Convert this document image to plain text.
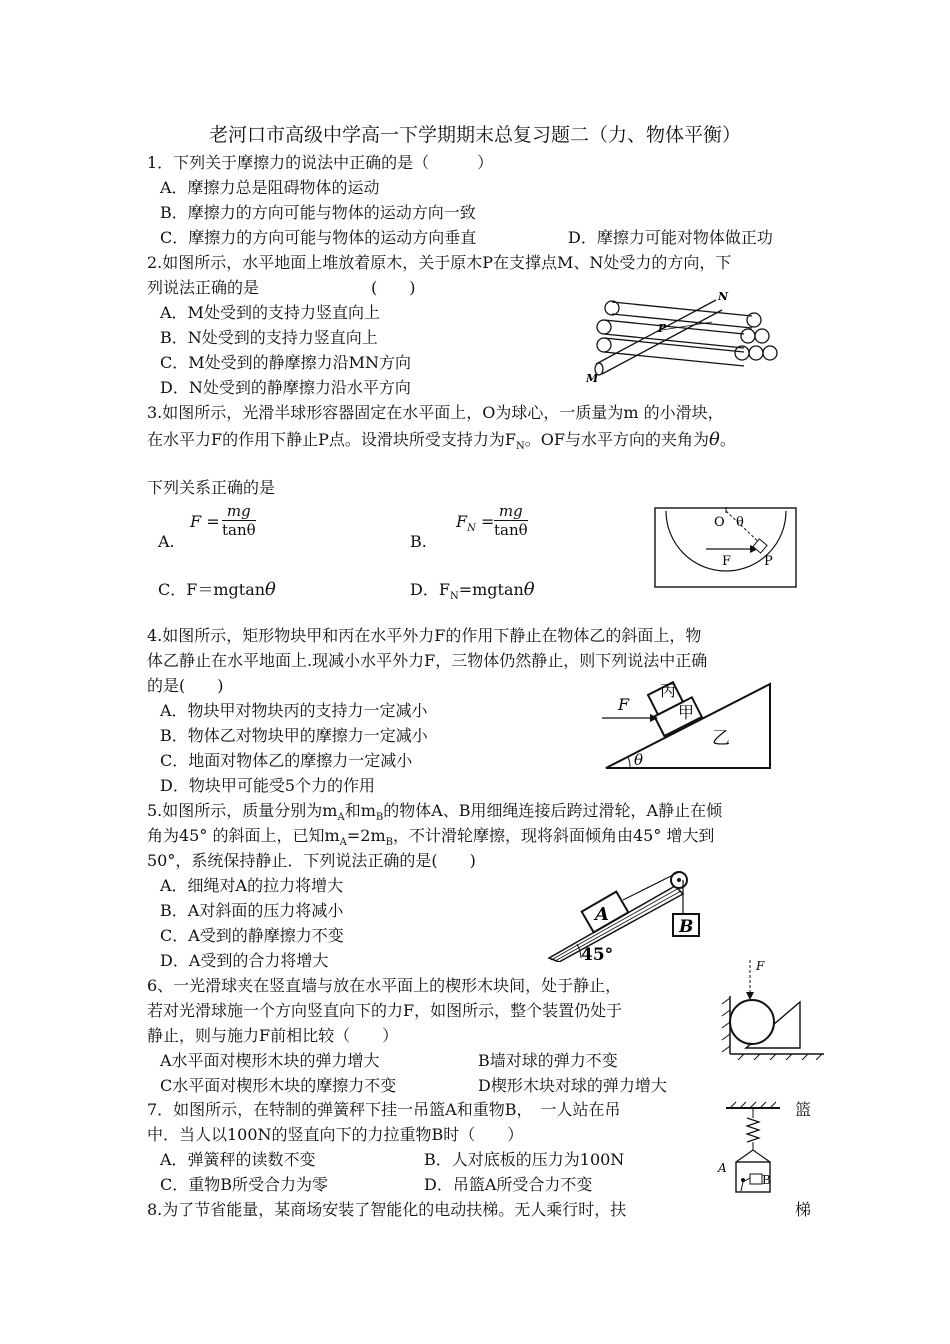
老河口市高级中学高一下学期期末总复习题二（力、物体平衡）
1．下列关于摩擦力的说法中正确的是（　　　）
A．摩擦力总是阻碍物体的运动
B．摩擦力的方向可能与物体的运动方向一致
C．摩擦力的方向可能与物体的运动方向垂直	D．摩擦力可能对物体做正功
2.如图所示，水平地面上堆放着原木，关于原木P在支撑点M、N处受力的方向，下
列说法正确的是　　　　　　　(　　)
A．M处受到的支持力竖直向上
B．N处受到的支持力竖直向上
C．M处受到的静摩擦力沿MN方向
D．N处受到的静摩擦力沿水平方向
N
P
M
3.如图所示，光滑半球形容器固定在水平面上，O为球心，一质量为m 的小滑块，
在水平力F的作用下静止P点。设滑块所受支持力为$F_N$。OF与水平方向的夹角为θ。
下列关系正确的是
A.
$F = \frac{mg}{\tan\theta}$
B.
$F_N = \frac{mg}{\tan\theta}$
C．F＝mgtanθ	D．$F_N=mgtan\theta$
O θ
F	P
4.如图所示，矩形物块甲和丙在水平外力F的作用下静止在物体乙的斜面上，物
体乙静止在水平地面上.现减小水平外力F，三物体仍然静止，则下列说法中正确
的是(　　)
A．物块甲对物块丙的支持力一定减小
B．物体乙对物块甲的摩擦力一定减小
C．地面对物体乙的摩擦力一定减小
D．物块甲可能受5个力的作用
F
丙
甲
乙
θ
5.如图所示，质量分别为$m_A$和$m_B$的物体A、B用细绳连接后跨过滑轮，A静止在倾
角为45° 的斜面上，已知$m_A=2m_B$，不计滑轮摩擦，现将斜面倾角由45° 增大到
50°，系统保持静止．下列说法正确的是(　　)
A．细绳对A的拉力将增大
B．A对斜面的压力将减小
C．A受到的静摩擦力不变
D．A受到的合力将增大
A
B
45°
6、一光滑球夹在竖直墙与放在水平面上的楔形木块间，处于静止，
若对光滑球施一个方向竖直向下的力F，如图所示，整个装置仍处于
静止，则与施力F前相比较（　　）
A水平面对楔形木块的弹力增大	B墙对球的弹力不变
C水平面对楔形木块的摩擦力不变	D楔形木块对球的弹力增大
F
7．如图所示，在特制的弹簧秤下挂一吊篮A和重物B，　一人站在吊	篮
中．当人以100N的竖直向下的力拉重物B时（　　）
A．弹簧秤的读数不变	B．人对底板的压力为100N
C．重物B所受合力为零	D．吊篮A所受合力不变
A
B
8.为了节省能量，某商场安装了智能化的电动扶梯。无人乘行时，扶	梯
